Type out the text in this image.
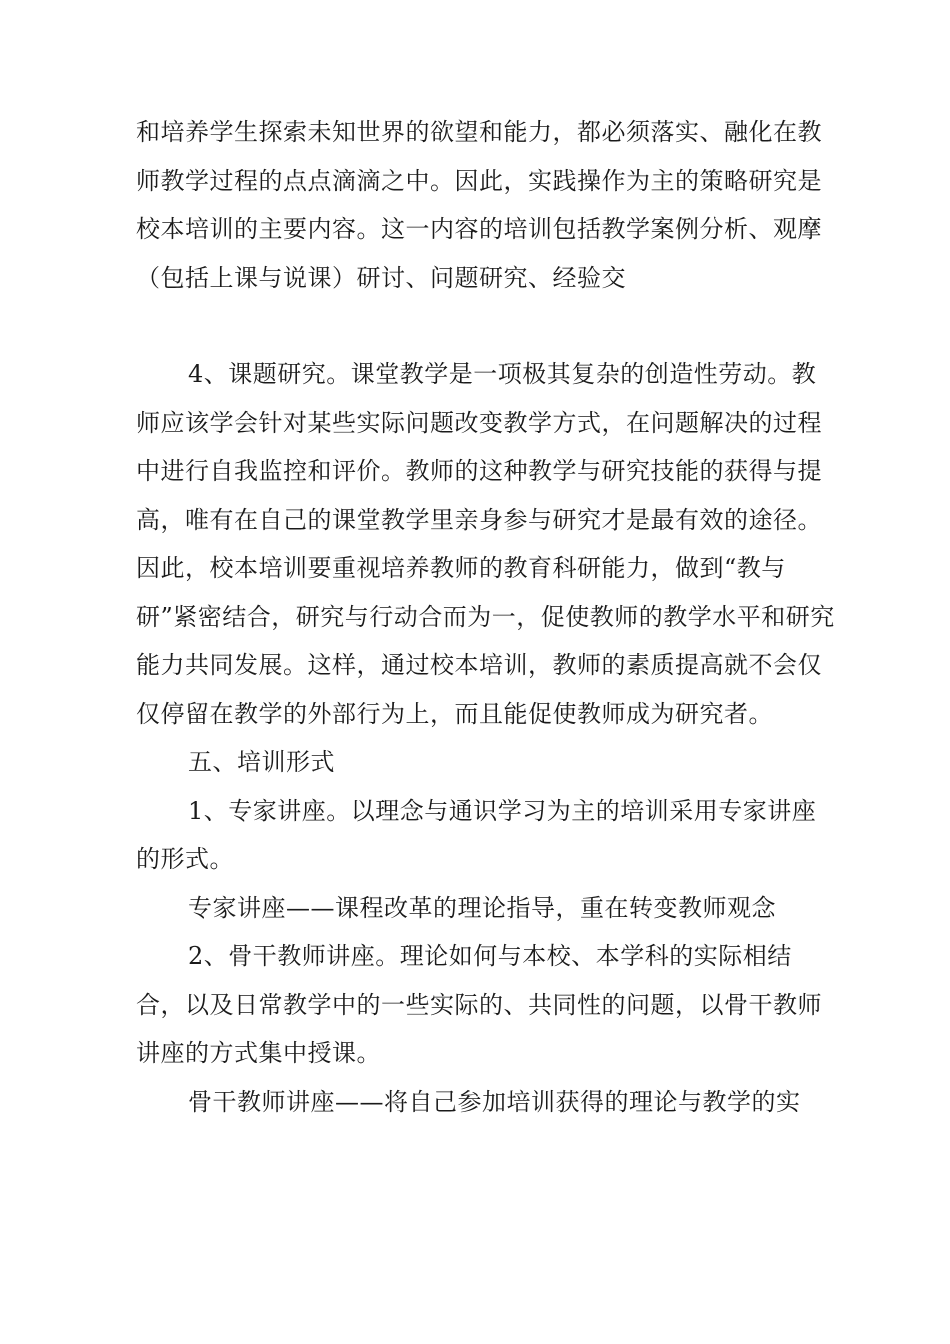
和培养学生探索未知世界的欲望和能力，都必须落实、融化在教师教学过程的点点滴滴之中。因此，实践操作为主的策略研究是校本培训的主要内容。这一内容的培训包括教学案例分析、观摩（包括上课与说课）研讨、问题研究、经验交

4、课题研究。课堂教学是一项极其复杂的创造性劳动。教师应该学会针对某些实际问题改变教学方式，在问题解决的过程中进行自我监控和评价。教师的这种教学与研究技能的获得与提高，唯有在自己的课堂教学里亲身参与研究才是最有效的途径。因此，校本培训要重视培养教师的教育科研能力，做到“教与研”紧密结合，研究与行动合而为一，促使教师的教学水平和研究能力共同发展。这样，通过校本培训，教师的素质提高就不会仅仅停留在教学的外部行为上，而且能促使教师成为研究者。

五、培训形式

1、专家讲座。以理念与通识学习为主的培训采用专家讲座的形式。

专家讲座——课程改革的理论指导，重在转变教师观念

2、骨干教师讲座。理论如何与本校、本学科的实际相结合，以及日常教学中的一些实际的、共同性的问题，以骨干教师讲座的方式集中授课。

骨干教师讲座——将自己参加培训获得的理论与教学的实
